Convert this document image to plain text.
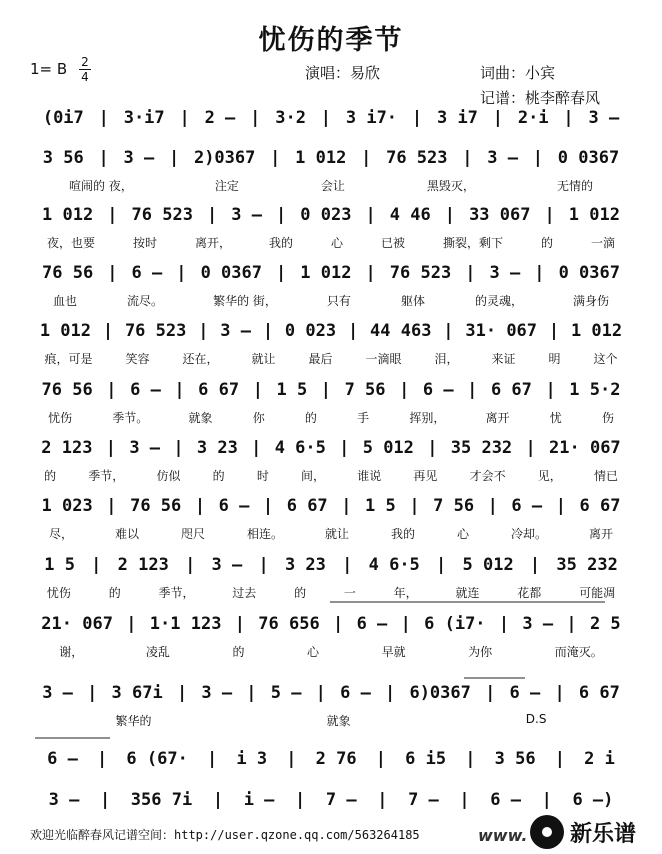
忧伤的季节
1= B 2
4	演唱：易欣	词曲：小宾
记谱：桃李醉春风
(0i7 | 3·i7 | 2 – | 3·2 | 3 i7· | 3 i7 | 2·i | 3 –
3 56 | 3 – | 2)0367 | 1 012 | 76 523 | 3 – | 0 0367
喧闹的 夜，	注定	会让	黑毁灭，	无情的
1 012 | 76 523 | 3 – | 0 023 | 4 46 | 33 067 | 1 012
夜，也要	按时	离开，	我的	心	已被	撕裂，剩下	的	一滴
76 56 | 6 – | 0 0367 | 1 012 | 76 523 | 3 – | 0 0367
血也	流尽。	繁华的 街，	只有	躯体	的灵魂，	满身伤
1 012 | 76 523 | 3 – | 0 023 | 44 463 | 31· 067 | 1 012
痕，可是	笑容	还在，	就让	最后	一滴眼	泪，	来证	明	这个
76 56 | 6 – | 6 67 | 1 5 | 7 56 | 6 – | 6 67 | 1 5·2
忧伤	季节。	就象	你	的	手	挥别，	离开	忧	伤
2 123 | 3 – | 3 23 | 4 6·5 | 5 012 | 35 232 | 21· 067
的	季节，	仿似	的	时	间，	谁说	再见	才会不	见，	情已
1 023 | 76 56 | 6 – | 6 67 | 1 5 | 7 56 | 6 – | 6 67
尽，	难以	咫尺	相连。	就让	我的	心	冷却。	离开
1 5 | 2 123 | 3 – | 3 23 | 4 6·5 | 5 012 | 35 232
忧伤	的	季节，	过去	的	一	年，	就连	花都	可能凋
21· 067 | 1·1 123 | 76 656 | 6 – | 6 (i7· | 3 – | 2 5
谢，	凌乱	的	心	早就	为你	而淹灭。
3 – | 3 67i | 3 – | 5 – | 6 – | 6)0367 | 6 – | 6 67
繁华的	就象	D.S
6 –	|	6 (67·	|	i 3	|	2 76	|	6 i5	|	3 56	|	2 i
3 –	|	356 7i	|	i –	|	7 –	|	7 –	|	6 –	|	6 –)
欢迎光临醉春风记谱空间：http://user.qzone.qq.com/563264185	www. 新乐谱
